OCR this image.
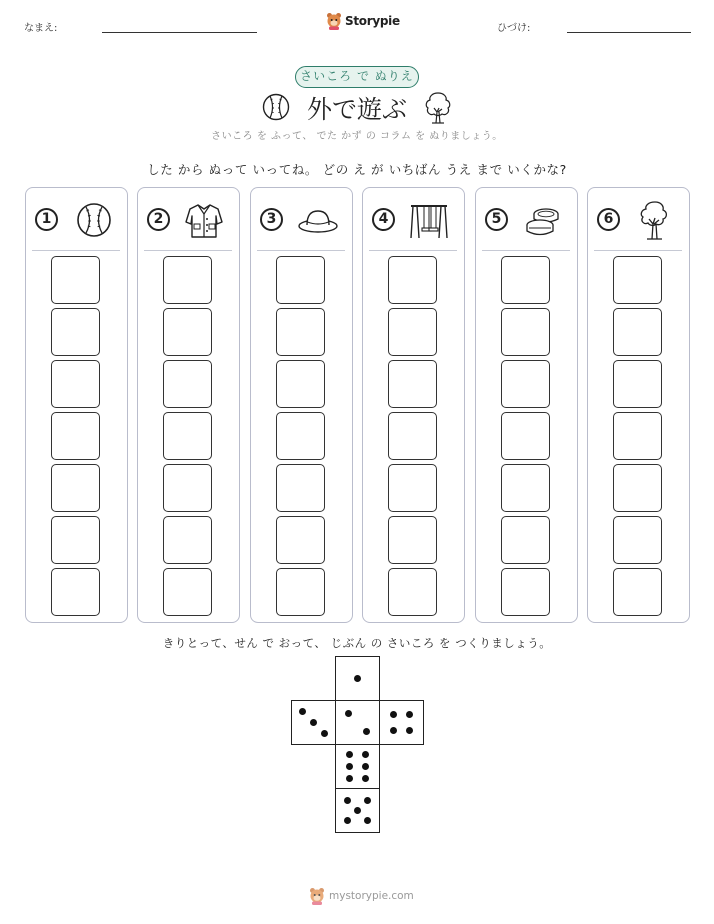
なまえ:
Storypie
ひづけ:
さいころ で ぬりえ
外で遊ぶ
さいころ を ふって、 でた かず の コラム を ぬりましょう。
した から ぬって いってね。 どの え が いちばん うえ まで いくかな?
1	2	3	4	5	6
きりとって、せん で おって、 じぶん の さいころ を つくりましょう。
mystorypie.com
